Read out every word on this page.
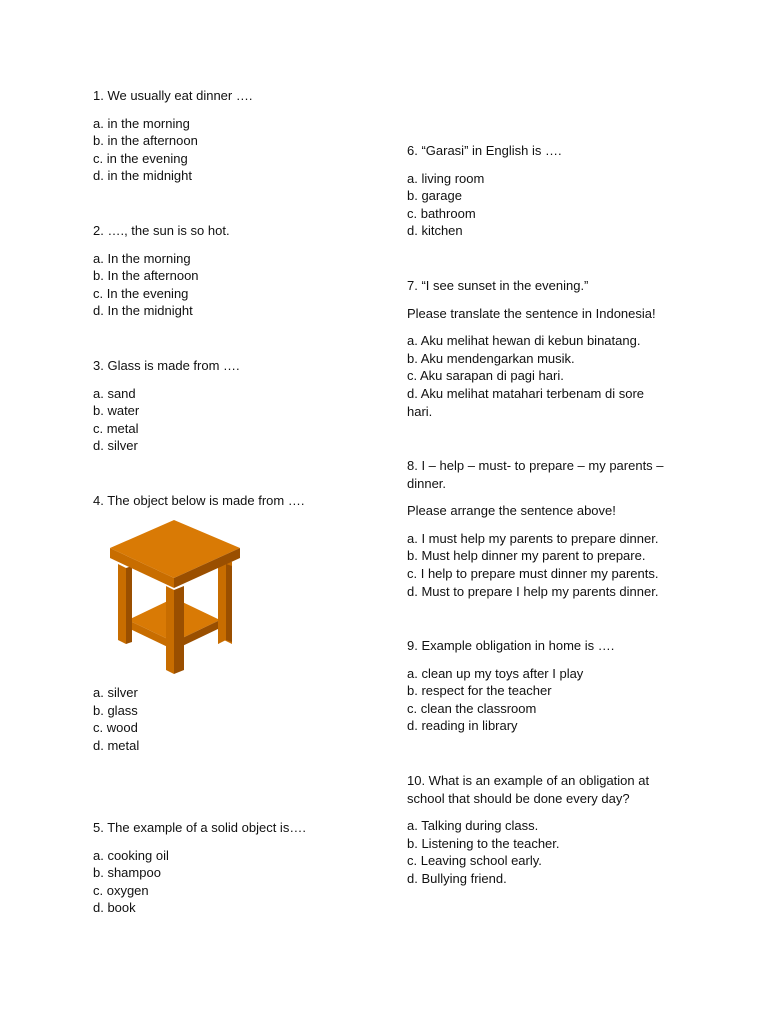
1. We usually eat dinner ….

a. in the morning
b. in the afternoon
c. in the evening
d. in the midnight

2. …., the sun is so hot.

a. In the morning
b. In the afternoon
c. In the evening
d. In the midnight

3. Glass is made from ….

a. sand
b. water
c. metal
d. silver

4. The object below is made from ….

a. silver
b. glass
c. wood
d. metal

5. The example of a solid object is….

a. cooking oil
b. shampoo
c. oxygen
d. book

6. “Garasi” in English is ….

a. living room
b. garage
c. bathroom
d. kitchen

7. “I see sunset in the evening.”

Please translate the sentence in Indonesia!

a. Aku melihat hewan di kebun binatang.
b. Aku mendengarkan musik.
c. Aku sarapan di pagi hari.
d. Aku melihat matahari terbenam di sore hari.

8. I – help – must- to prepare – my parents – dinner.

Please arrange the sentence above!

a. I must help my parents to prepare dinner.
b. Must help dinner my parent to prepare.
c. I help to prepare must dinner my parents.
d. Must to prepare I help my parents dinner.

9. Example obligation in home is ….

a. clean up my toys after I play
b. respect for the teacher
c. clean the classroom
d. reading in library

10. What is an example of an obligation at school that should be done every day?

a. Talking during class.
b. Listening to the teacher.
c. Leaving school early.
d. Bullying friend.
